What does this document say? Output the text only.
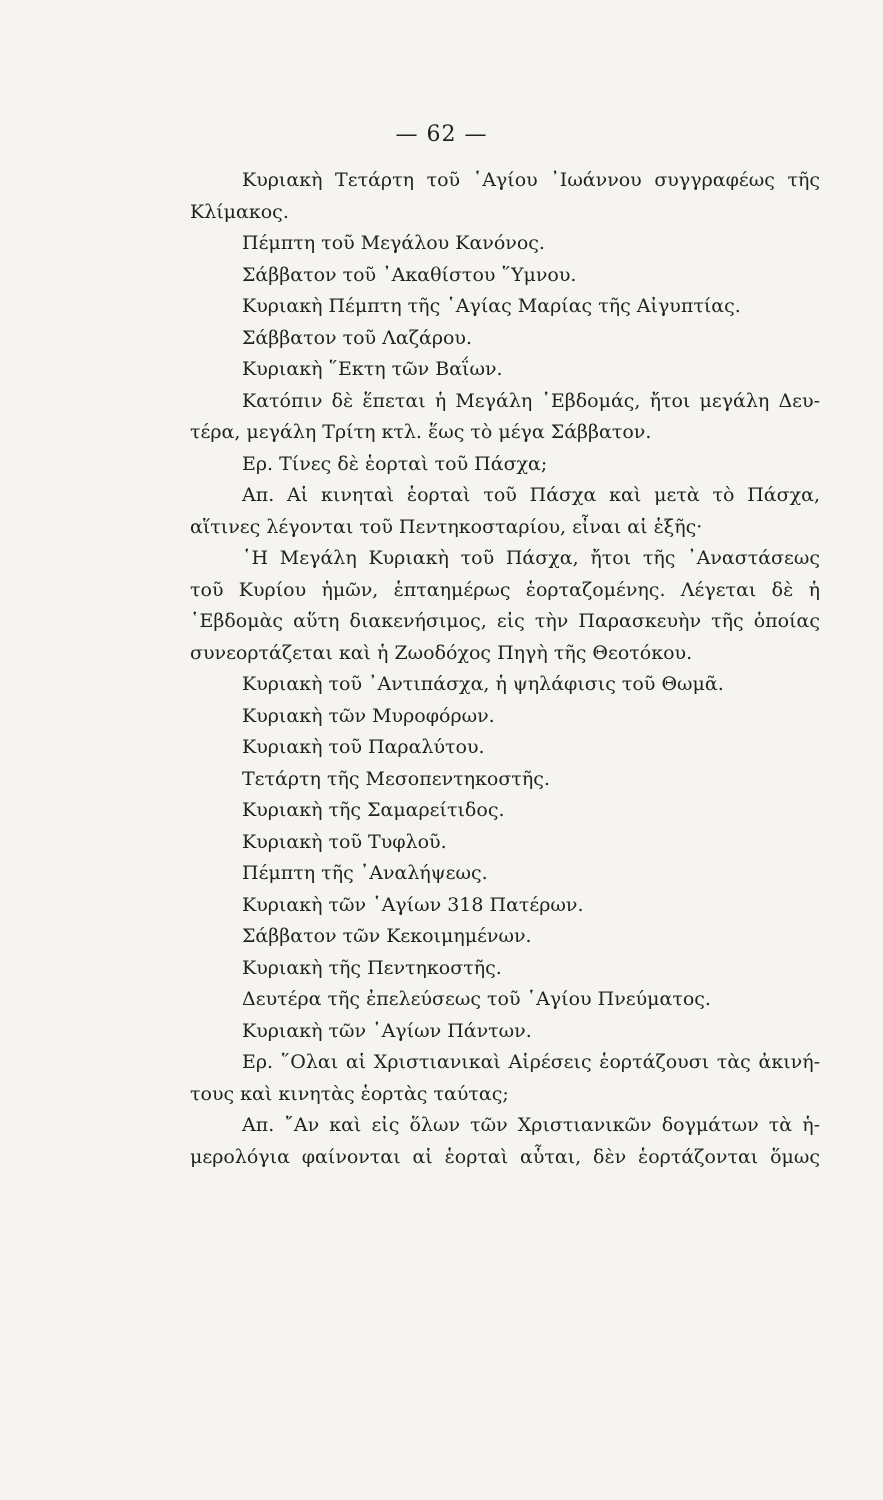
— 62 —
Κυριακὴ Τετάρτη τοῦ ῾Αγίου ᾿Ιωάννου συγγραφέως τῆς
Κλίμακος.
Πέμπτη τοῦ Μεγάλου Κανόνος.
Σάββατον τοῦ ᾿Ακαθίστου ῞Υμνου.
Κυριακὴ Πέμπτη τῆς ῾Αγίας Μαρίας τῆς Αἰγυπτίας.
Σάββατον τοῦ Λαζάρου.
Κυριακὴ ῞Εκτη τῶν Βαΐων.
Κατόπιν δὲ ἕπεται ἡ Μεγάλη ῾Εβδομάς, ἤτοι μεγάλη Δευ-
τέρα, μεγάλη Τρίτη κτλ. ἕως τὸ μέγα Σάββατον.
Ερ. Τίνες δὲ ἑορταὶ τοῦ Πάσχα;
Απ. Αἱ κινηταὶ ἑορταὶ τοῦ Πάσχα καὶ μετὰ τὸ Πάσχα,
αἵτινες λέγονται τοῦ Πεντηκοσταρίου, εἶναι αἱ ἑξῆς·
῾Η Μεγάλη Κυριακὴ τοῦ Πάσχα, ἤτοι τῆς ᾿Αναστάσεως
τοῦ Κυρίου ἡμῶν, ἑπταημέρως ἑορταζομένης. Λέγεται δὲ ἡ
῾Εβδομὰς αὕτη διακενήσιμος, εἰς τὴν Παρασκευὴν τῆς ὁποίας
συνεορτάζεται καὶ ἡ Ζωοδόχος Πηγὴ τῆς Θεοτόκου.
Κυριακὴ τοῦ ᾿Αντιπάσχα, ἡ ψηλάφισις τοῦ Θωμᾶ.
Κυριακὴ τῶν Μυροφόρων.
Κυριακὴ τοῦ Παραλύτου.
Τετάρτη τῆς Μεσοπεντηκοστῆς.
Κυριακὴ τῆς Σαμαρείτιδος.
Κυριακὴ τοῦ Τυφλοῦ.
Πέμπτη τῆς ᾿Αναλήψεως.
Κυριακὴ τῶν ῾Αγίων 318 Πατέρων.
Σάββατον τῶν Κεκοιμημένων.
Κυριακὴ τῆς Πεντηκοστῆς.
Δευτέρα τῆς ἐπελεύσεως τοῦ ῾Αγίου Πνεύματος.
Κυριακὴ τῶν ῾Αγίων Πάντων.
Ερ. ῞Ολαι αἱ Χριστιανικαὶ Αἱρέσεις ἑορτάζουσι τὰς ἀκινή-
τους καὶ κινητὰς ἑορτὰς ταύτας;
Απ. ῎Αν καὶ εἰς ὅλων τῶν Χριστιανικῶν δογμάτων τὰ ἡ-
μερολόγια φαίνονται αἱ ἑορταὶ αὗται, δὲν ἑορτάζονται ὅμως
